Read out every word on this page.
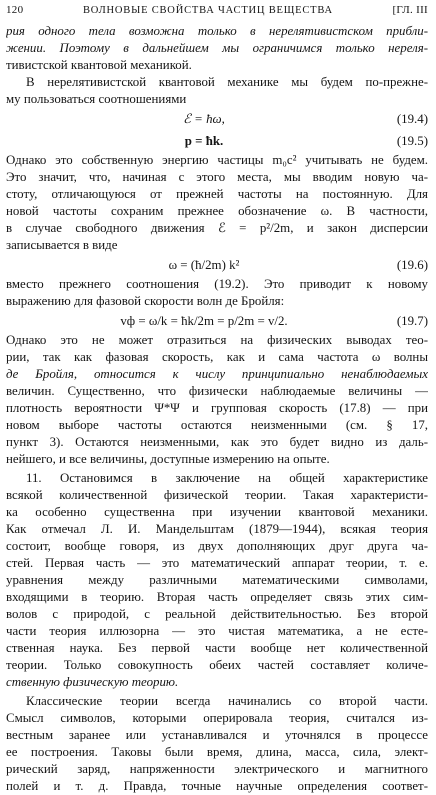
120	ВОЛНОВЫЕ СВОЙСТВА ЧАСТИЦ ВЕЩЕСТВА	[ГЛ. III
рия одного тела возможна только в нерелятивистском прибли-
жении. Поэтому в дальнейшем мы ограничимся только нереля-
тивистской квантовой механикой.
В нерелятивистской квантовой механике мы будем по-прежне-
му пользоваться соотношениями
ℰ = ħω,	(19.4)
p = ħk.	(19.5)
Однако это собственную энергию частицы m₀c² учитывать не будем.
Это значит, что, начиная с этого места, мы вводим новую ча-
стоту, отличающуюся от прежней частоты на постоянную. Для
новой частоты сохраним прежнее обозначение ω. В частности,
в случае свободного движения ℰ = p²/2m, и закон дисперсии
записывается в виде
ω = (ħ/2m) k²	(19.6)
вместо прежнего соотношения (19.2). Это приводит к новому
выражению для фазовой скорости волн де Бройля:
vф = ω/k = ħk/2m = p/2m = v/2.	(19.7)
Однако это не может отразиться на физических выводах тео-
рии, так как фазовая скорость, как и сама частота ω волны
де Бройля, относится к числу принципиально ненаблюдаемых
величин. Существенно, что физически наблюдаемые величины —
плотность вероятности Ψ*Ψ и групповая скорость (17.8) — при
новом выборе частоты остаются неизменными (см. § 17,
пункт 3). Остаются неизменными, как это будет видно из даль-
нейшего, и все величины, доступные измерению на опыте.
11. Остановимся в заключение на общей характеристике
всякой количественной физической теории. Такая характеристи-
ка особенно существенна при изучении квантовой механики.
Как отмечал Л. И. Мандельштам (1879—1944), всякая теория
состоит, вообще говоря, из двух дополняющих друг друга ча-
стей. Первая часть — это математический аппарат теории, т. е.
уравнения между различными математическими символами,
входящими в теорию. Вторая часть определяет связь этих сим-
волов с природой, с реальной действительностью. Без второй
части теория иллюзорна — это чистая математика, а не есте-
ственная наука. Без первой части вообще нет количественной
теории. Только совокупность обеих частей составляет количе-
ственную физическую теорию.
Классические теории всегда начинались со второй части.
Смысл символов, которыми оперировала теория, считался из-
вестным заранее или устанавливался и уточнялся в процессе
ее построения. Таковы были время, длина, масса, сила, элект-
рический заряд, напряженности электрического и магнитного
полей и т. д. Правда, точные научные определения соответ-
